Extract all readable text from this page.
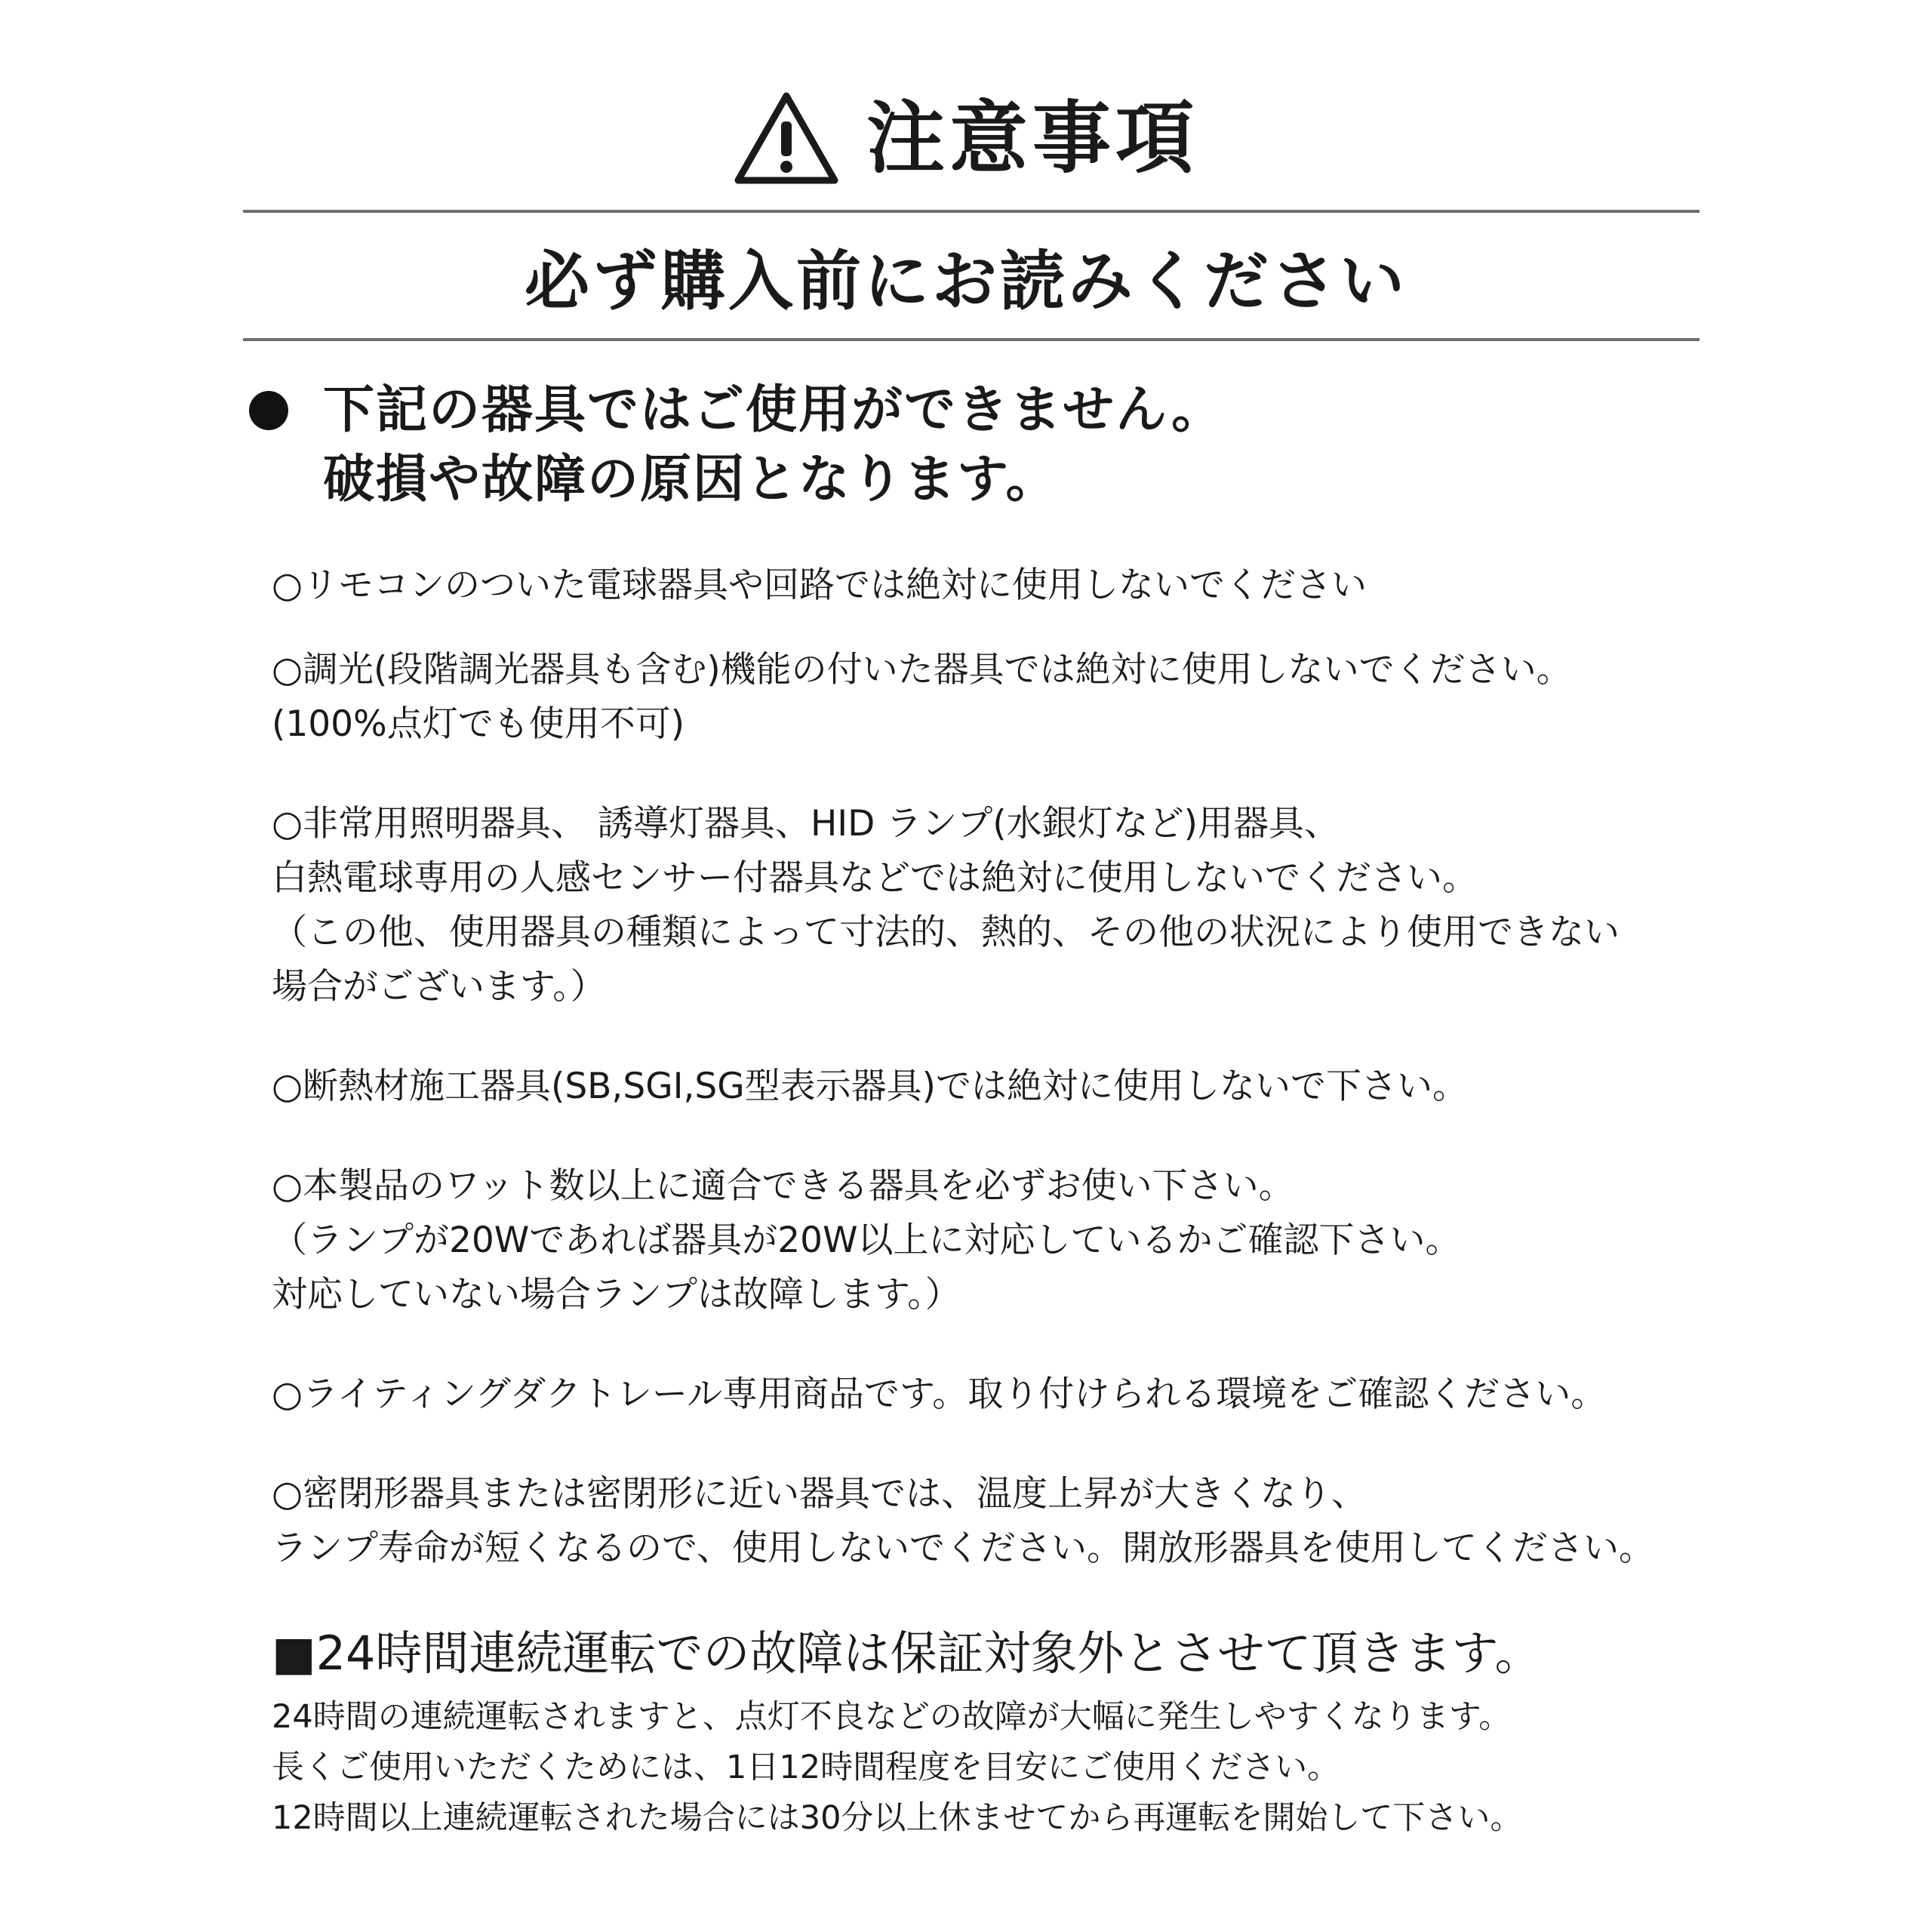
注意事項
必ず購入前にお読みください
下記の器具ではご使用ができません。
破損や故障の原因となります。
○リモコンのついた電球器具や回路では絶対に使用しないでください
○調光(段階調光器具も含む)機能の付いた器具では絶対に使用しないでください。
(100%点灯でも使用不可)
○非常用照明器具、 誘導灯器具、HID ランプ(水銀灯など)用器具、
白熱電球専用の人感センサー付器具などでは絶対に使用しないでください。
（この他、使用器具の種類によって寸法的、熱的、その他の状況により使用できない
場合がございます。）
○断熱材施工器具(SB,SGI,SG型表示器具)では絶対に使用しないで下さい。
○本製品のワット数以上に適合できる器具を必ずお使い下さい。
（ランプが20Wであれば器具が20W以上に対応しているかご確認下さい。
対応していない場合ランプは故障します。）
○ライティングダクトレール専用商品です。取り付けられる環境をご確認ください。
○密閉形器具または密閉形に近い器具では、温度上昇が大きくなり、
ランプ寿命が短くなるので、使用しないでください。開放形器具を使用してください。
■24時間連続運転での故障は保証対象外とさせて頂きます。
24時間の連続運転されますと、点灯不良などの故障が大幅に発生しやすくなります。
長くご使用いただくためには、1日12時間程度を目安にご使用ください。
12時間以上連続運転された場合には30分以上休ませてから再運転を開始して下さい。
